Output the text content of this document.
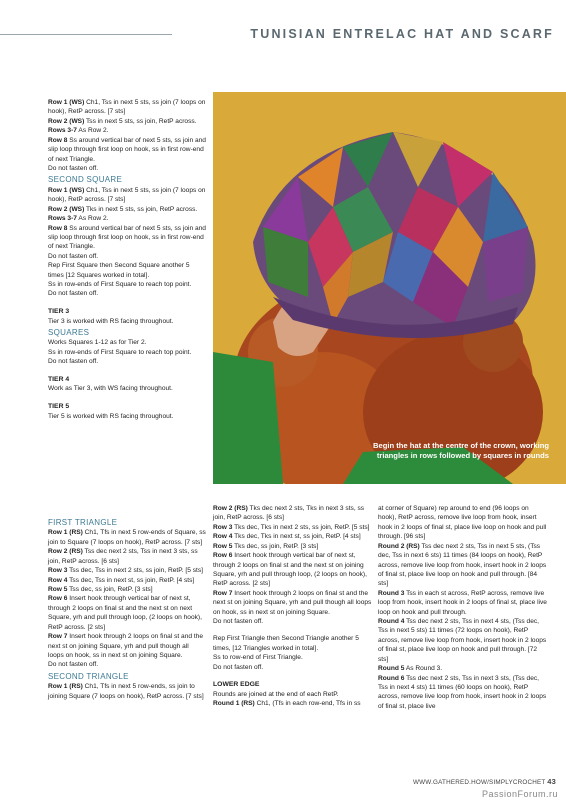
TUNISIAN ENTRELAC HAT AND SCARF
Begin the hat at the centre of the crown, working triangles in rows followed by squares in rounds

Row 1 (WS) Ch1, Tss in next 5 sts, ss join (7 loops on hook), RetP across. [7 sts]

Row 2 (WS) Tss in next 5 sts, ss join, RetP across.

Rows 3-7 As Row 2.

Row 8 Ss around vertical bar of next 5 sts, ss join and slip loop through first loop on hook, ss in first row-end of next Triangle.

Do not fasten off.

SECOND SQUARE

Row 1 (WS) Ch1, Tss in next 5 sts, ss join (7 loops on hook), RetP across. [7 sts]

Row 2 (WS) Tks in next 5 sts, ss join, RetP across.

Rows 3-7 As Row 2.

Row 8 Ss around vertical bar of next 5 sts, ss join and slip loop through first loop on hook, ss in first row-end of next Triangle.

Do not fasten off.

Rep First Square then Second Square another 5 times [12 Squares worked in total].

Ss in row-ends of First Square to reach top point.

Do not fasten off.

TIER 3

Tier 3 is worked with RS facing throughout.

SQUARES

Works Squares 1-12 as for Tier 2.

Ss in row-ends of First Square to reach top point.

Do not fasten off.

TIER 4

Work as Tier 3, with WS facing throughout.

TIER 5

Tier 5 is worked with RS facing throughout.

FIRST TRIANGLE

Row 1 (RS) Ch1, Tfs in next 5 row-ends of Square, ss join to Square (7 loops on hook), RetP across. [7 sts]

Row 2 (RS) Tss dec next 2 sts, Tss in next 3 sts, ss join, RetP across. [6 sts]

Row 3 Tss dec, Tss in next 2 sts, ss join, RetP. [5 sts]

Row 4 Tss dec, Tss in next st, ss join, RetP. [4 sts]

Row 5 Tss dec, ss join, RetP. [3 sts]

Row 6 Insert hook through vertical bar of next st, through 2 loops on final st and the next st on next Square, yrh and pull through loop, (2 loops on hook), RetP across. [2 sts]

Row 7 Insert hook through 2 loops on final st and the next st on joining Square, yrh and pull though all loops on hook, ss in next st on joining Square.

Do not fasten off.

SECOND TRIANGLE

Row 1 (RS) Ch1, Tfs in next 5 row-ends, ss join to joining Square (7 loops on hook), RetP across. [7 sts]

Row 2 (RS) Tks dec next 2 sts, Tks in next 3 sts, ss join, RetP across. [6 sts]

Row 3 Tks dec, Tks in next 2 sts, ss join, RetP. [5 sts]

Row 4 Tks dec, Tks in next st, ss join, RetP. [4 sts]

Row 5 Tks dec, ss join, RetP. [3 sts]

Row 6 Insert hook through vertical bar of next st, through 2 loops on final st and the next st on joining Square, yrh and pull through loop, (2 loops on hook), RetP across. [2 sts]

Row 7 Insert hook through 2 loops on final st and the next st on joining Square, yrh and pull though all loops on hook, ss in next st on joining Square.

Do not fasten off.

Rep First Triangle then Second Triangle another 5 times, [12 Triangles worked in total].

Ss to row-end of First Triangle.

Do not fasten off.

LOWER EDGE

Rounds are joined at the end of each RetP.

Round 1 (RS) Ch1, (Tfs in each row-end, Tfs in ss

at corner of Square) rep around to end (96 loops on hook), RetP across, remove live loop from hook, insert hook in 2 loops of final st, place live loop on hook and pull through. [96 sts]

Round 2 (RS) Tss dec next 2 sts, Tss in next 5 sts, (Tss dec, Tss in next 6 sts) 11 times (84 loops on hook), RetP across, remove live loop from hook, insert hook in 2 loops of final st, place live loop on hook and pull through. [84 sts]

Round 3 Tss in each st across, RetP across, remove live loop from hook, insert hook in 2 loops of final st, place live loop on hook and pull through.

Round 4 Tss dec next 2 sts, Tss in next 4 sts, (Tss dec, Tss in next 5 sts) 11 times (72 loops on hook), RetP across, remove live loop from hook, insert hook in 2 loops of final st, place live loop on hook and pull through. [72 sts]

Round 5 As Round 3.

Round 6 Tss dec next 2 sts, Tss in next 3 sts, (Tss dec, Tss in next 4 sts) 11 times (60 loops on hook), RetP across, remove live loop from hook, insert hook in 2 loops of final st, place live

WWW.GATHERED.HOW/SIMPLYCROCHET 43
PassionForum.ru
